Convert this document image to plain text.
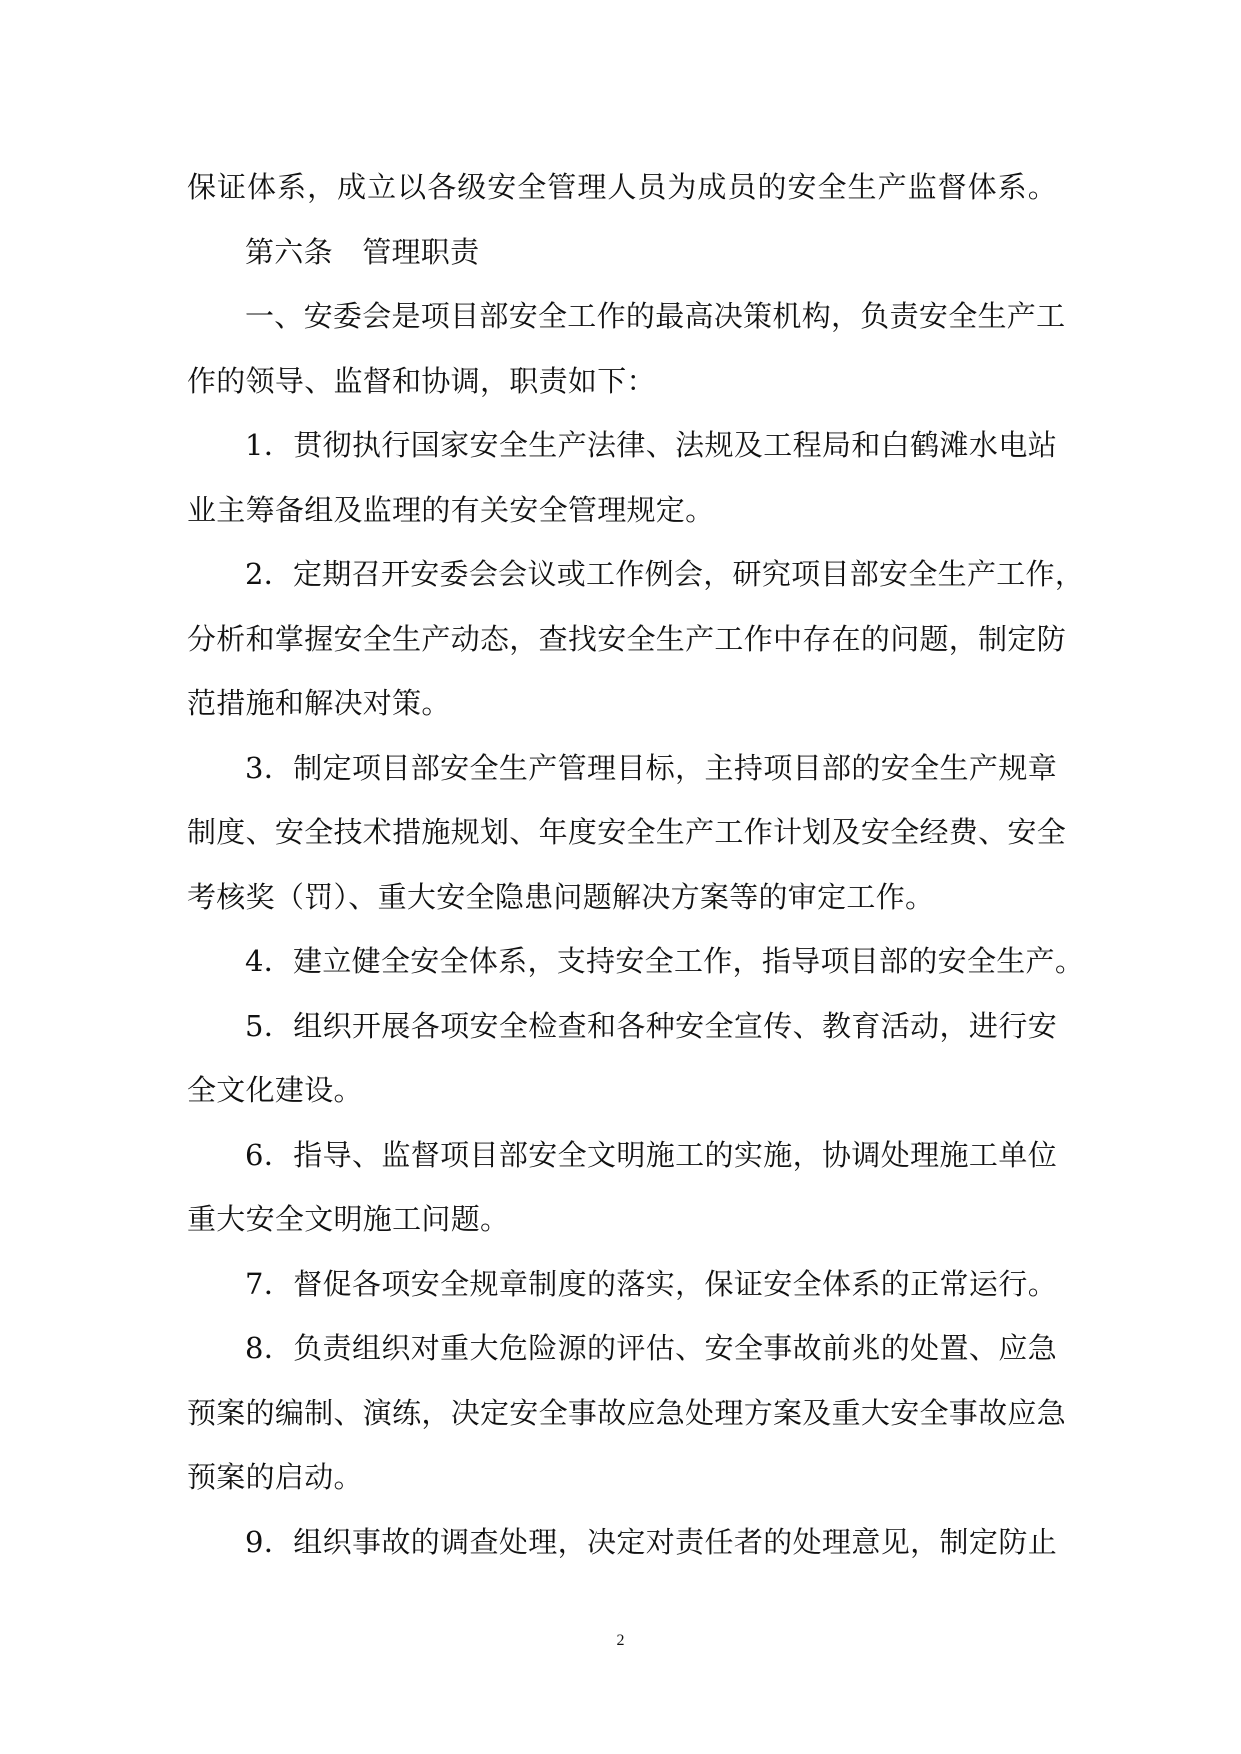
保证体系，成立以各级安全管理人员为成员的安全生产监督体系。
第六条　管理职责
一、安委会是项目部安全工作的最高决策机构，负责安全生产工
作的领导、监督和协调，职责如下：
1．贯彻执行国家安全生产法律、法规及工程局和白鹤滩水电站
业主筹备组及监理的有关安全管理规定。
2．定期召开安委会会议或工作例会，研究项目部安全生产工作，
分析和掌握安全生产动态，查找安全生产工作中存在的问题，制定防
范措施和解决对策。
3．制定项目部安全生产管理目标，主持项目部的安全生产规章
制度、安全技术措施规划、年度安全生产工作计划及安全经费、安全
考核奖（罚）、重大安全隐患问题解决方案等的审定工作。
4．建立健全安全体系，支持安全工作，指导项目部的安全生产。
5．组织开展各项安全检查和各种安全宣传、教育活动，进行安
全文化建设。
6．指导、监督项目部安全文明施工的实施，协调处理施工单位
重大安全文明施工问题。
7．督促各项安全规章制度的落实，保证安全体系的正常运行。
8．负责组织对重大危险源的评估、安全事故前兆的处置、应急
预案的编制、演练，决定安全事故应急处理方案及重大安全事故应急
预案的启动。
9．组织事故的调查处理，决定对责任者的处理意见，制定防止
2
